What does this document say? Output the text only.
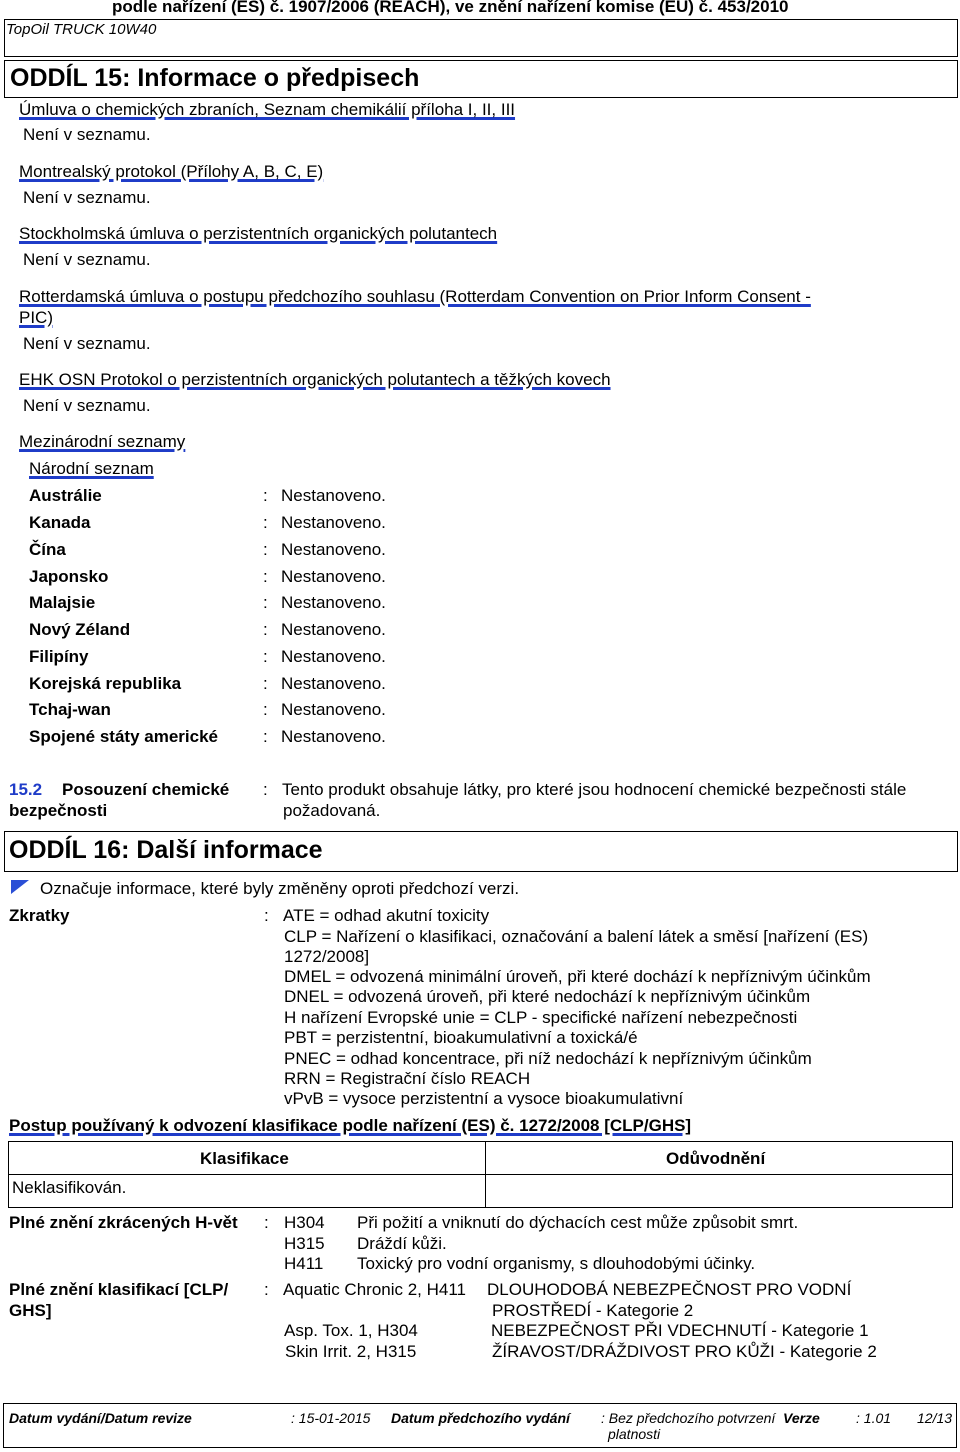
podle nařízení (ES) č. 1907/2006 (REACH), ve znění nařízení komise (EU) č. 453/2010
TopOil TRUCK 10W40
ODDÍL 15: Informace o předpisech
Úmluva o chemických zbraních, Seznam chemikálií příloha I, II, III
Není v seznamu.
Montrealský protokol (Přílohy A, B, C, E)
Není v seznamu.
Stockholmská úmluva o perzistentních organických polutantech
Není v seznamu.
Rotterdamská úmluva o postupu předchozího souhlasu (Rotterdam Convention on Prior Inform Consent -
PIC)
Není v seznamu.
EHK OSN Protokol o perzistentních organických polutantech a těžkých kovech
Není v seznamu.
Mezinárodní seznamy
Národní seznam
Austrálie	: Nestanoveno.
Kanada	: Nestanoveno.
Čína	: Nestanoveno.
Japonsko	: Nestanoveno.
Malajsie	: Nestanoveno.
Nový Zéland	: Nestanoveno.
Filipíny	: Nestanoveno.
Korejská republika	: Nestanoveno.
Tchaj-wan	: Nestanoveno.
Spojené státy americké	: Nestanoveno.
15.2 Posouzení chemické
bezpečnosti
: Tento produkt obsahuje látky, pro které jsou hodnocení chemické bezpečnosti stále
požadovaná.
ODDÍL 16: Další informace
Označuje informace, které byly změněny oproti předchozí verzi.
Zkratky	: ATE = odhad akutní toxicity
CLP = Nařízení o klasifikaci, označování a balení látek a směsí [nařízení (ES)
1272/2008]
DMEL = odvozená minimální úroveň, při které dochází k nepříznivým účinkům
DNEL = odvozená úroveň, při které nedochází k nepříznivým účinkům
H nařízení Evropské unie = CLP - specifické nařízení nebezpečnosti
PBT = perzistentní, bioakumulativní a toxická/é
PNEC = odhad koncentrace, při níž nedochází k nepříznivým účinkům
RRN = Registrační číslo REACH
vPvB = vysoce perzistentní a vysoce bioakumulativní
Postup používaný k odvození klasifikace podle nařízení (ES) č. 1272/2008 [CLP/GHS]
Klasifikace	Odůvodnění
Neklasifikován.
Plné znění zkrácených H-vět : H304 Při požití a vniknutí do dýchacích cest může způsobit smrt.
H315 Dráždí kůži.
H411 Toxický pro vodní organismy, s dlouhodobými účinky.
Plné znění klasifikací [CLP/
GHS]
: Aquatic Chronic 2, H411 DLOUHODOBÁ NEBEZPEČNOST PRO VODNÍ
PROSTŘEDÍ - Kategorie 2
Asp. Tox. 1, H304	NEBEZPEČNOST PŘI VDECHNUTÍ - Kategorie 1
Skin Irrit. 2, H315	ŽÍRAVOST/DRÁŽDIVOST PRO KŮŽI - Kategorie 2
Datum vydání/Datum revize	: 15-01-2015 Datum předchozího vydání : Bez předchozího potvrzení
platnosti
Verze	: 1.01 12/13
